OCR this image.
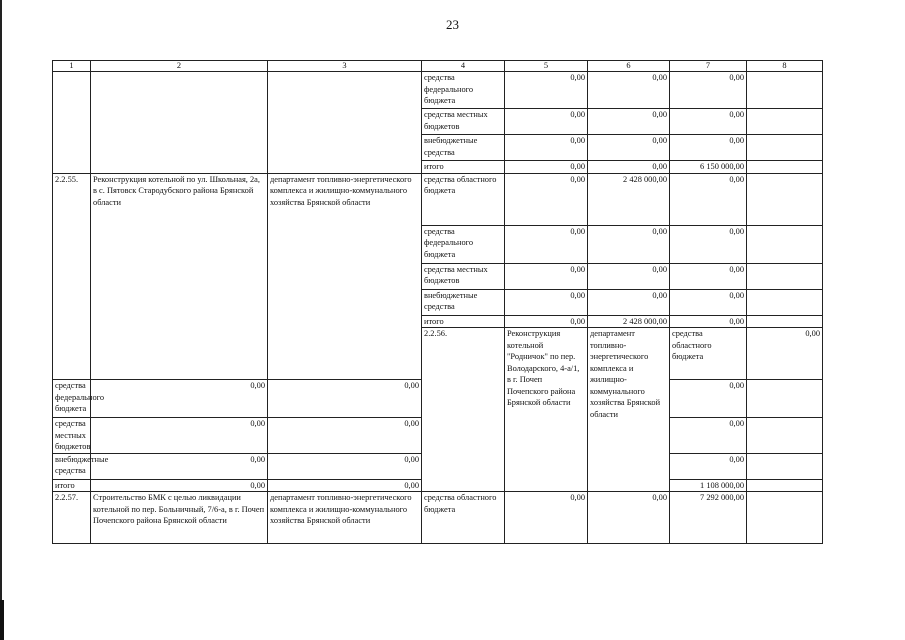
23
1	2	3	4	5	6	7	8	
			средства федерального бюджета	0,00	0,00	0,00		
			средства местных бюджетов	0,00	0,00	0,00		
			внебюджетные средства	0,00	0,00	0,00		
			итого	0,00	0,00	6 150 000,00		
2.2.55.	Реконструкция котельной по ул. Школьная, 2а, в с. Пятовск Стародубского района Брянской области	департамент топливно-энергетического комплекса и жилищно-коммунального хозяйства Брянской области	средства областного бюджета	0,00	2 428 000,00	0,00		
			средства федерального бюджета	0,00	0,00	0,00		
			средства местных бюджетов	0,00	0,00	0,00		
			внебюджетные средства	0,00	0,00	0,00		
			итого	0,00	2 428 000,00	0,00		
			2.2.56.	Реконструкция котельной "Родничок" по пер. Володарского, 4-а/1, в г. Почеп Почепского района Брянской области	департамент топливно-энергетического комплекса и жилищно-коммунального хозяйства Брянской области	средства областного бюджета	0,00			
средства федерального бюджета	0,00	0,00				0,00		
средства местных бюджетов	0,00	0,00				0,00		
внебюджетные средства	0,00	0,00				0,00		
итого	0,00	0,00				1 108 000,00		
2.2.57.	Строительство БМК с целью ликвидации котельной по пер. Больничный, 7/6-а, в г. Почеп Почепского района Брянской области	департамент топливно-энергетического комплекса и жилищно-коммунального хозяйства Брянской области	средства областного бюджета	0,00	0,00	7 292 000,00		
